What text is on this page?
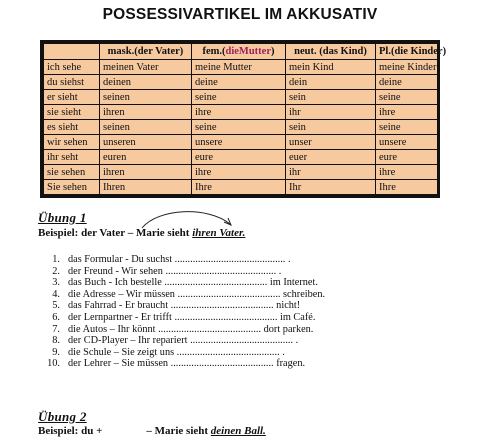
POSSESSIVARTIKEL IM AKKUSATIV
	mask.(der Vater)	fem.(dieMutter)	neut. (das Kind)	Pl.(die Kinder)
ich sehe	meinen Vater	meine Mutter	mein Kind	meine Kinder
du siehst	deinen	deine	dein	deine
er sieht	seinen	seine	sein	seine
sie sieht	ihren	ihre	ihr	ihre
es sieht	seinen	seine	sein	seine
wir sehen	unseren	unsere	unser	unsere
ihr seht	euren	eure	euer	eure
sie sehen	ihren	ihre	ihr	ihre
Sie sehen	Ihren	Ihre	Ihr	Ihre
Übung 1
Beispiel: der Vater – Marie sieht ihren Vater.
1. das Formular - Du suchst ........................................... .
2. der Freund - Wir sehen ........................................... .
3. das Buch - Ich bestelle ........................................ im Internet.
4. die Adresse – Wir müssen ........................................ schreiben.
5. das Fahrrad - Er braucht ........................................ nicht!
6. der Lernpartner - Er trifft ........................................ im Café.
7. die Autos – Ihr könnt ........................................ dort parken.
8. der CD-Player – Ihr repariert ........................................ .
9. die Schule – Sie zeigt uns ........................................ .
10. der Lehrer – Sie müssen ........................................ fragen.
Übung 2
Beispiel: du +	– Marie sieht deinen Ball.
